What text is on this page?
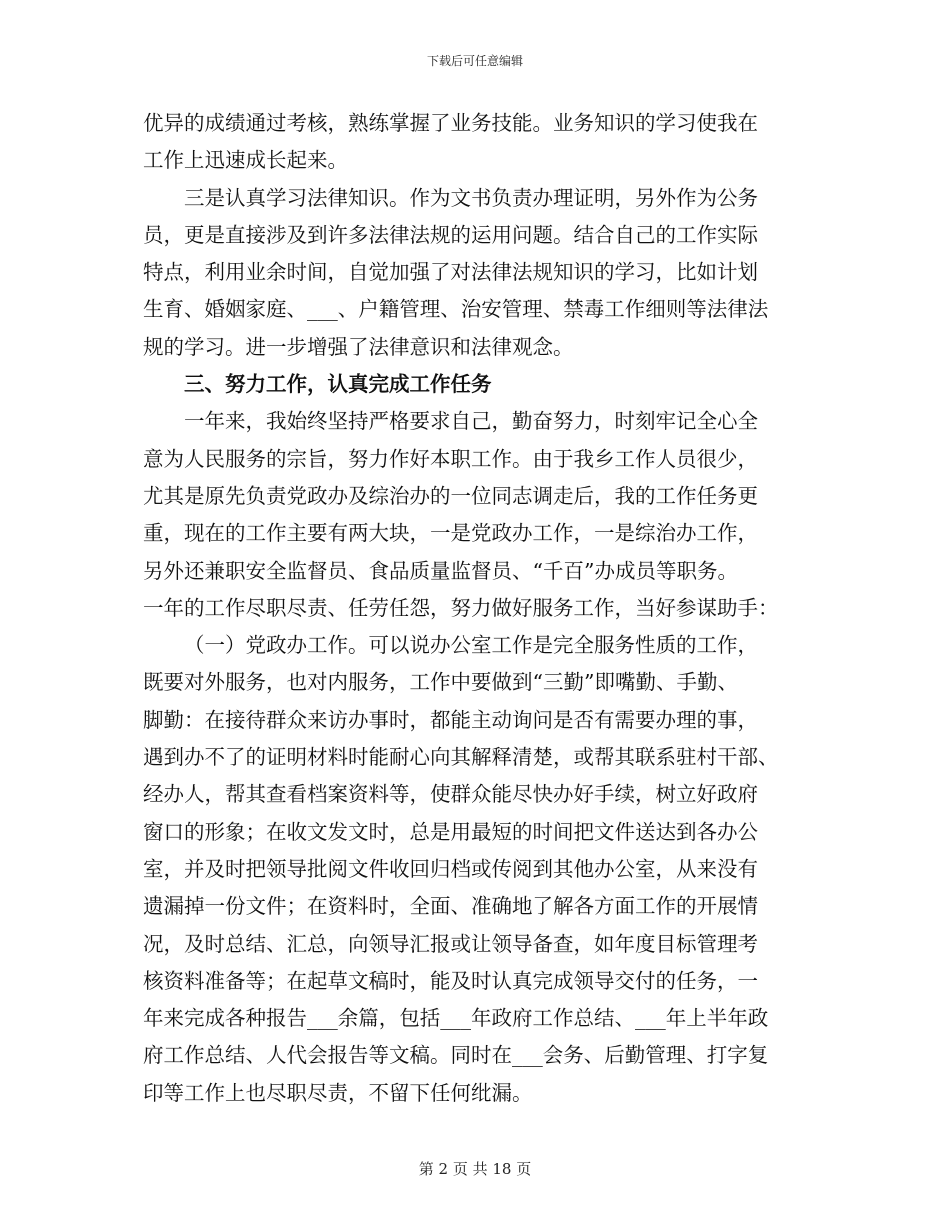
下载后可任意编辑
优异的成绩通过考核，熟练掌握了业务技能。业务知识的学习使我在
工作上迅速成长起来。
三是认真学习法律知识。作为文书负责办理证明，另外作为公务
员，更是直接涉及到许多法律法规的运用问题。结合自己的工作实际
特点，利用业余时间，自觉加强了对法律法规知识的学习，比如计划
生育、婚姻家庭、___、户籍管理、治安管理、禁毒工作细则等法律法
规的学习。进一步增强了法律意识和法律观念。
三、努力工作，认真完成工作任务
一年来，我始终坚持严格要求自己，勤奋努力，时刻牢记全心全
意为人民服务的宗旨，努力作好本职工作。由于我乡工作人员很少，
尤其是原先负责党政办及综治办的一位同志调走后，我的工作任务更
重，现在的工作主要有两大块，一是党政办工作，一是综治办工作，
另外还兼职安全监督员、食品质量监督员、“千百”办成员等职务。
一年的工作尽职尽责、任劳任怨，努力做好服务工作，当好参谋助手：
（一）党政办工作。可以说办公室工作是完全服务性质的工作，
既要对外服务，也对内服务，工作中要做到“三勤”即嘴勤、手勤、
脚勤：在接待群众来访办事时，都能主动询问是否有需要办理的事，
遇到办不了的证明材料时能耐心向其解释清楚，或帮其联系驻村干部、
经办人，帮其查看档案资料等，使群众能尽快办好手续，树立好政府
窗口的形象；在收文发文时，总是用最短的时间把文件送达到各办公
室，并及时把领导批阅文件收回归档或传阅到其他办公室，从来没有
遗漏掉一份文件；在资料时，全面、准确地了解各方面工作的开展情
况，及时总结、汇总，向领导汇报或让领导备查，如年度目标管理考
核资料准备等；在起草文稿时，能及时认真完成领导交付的任务，一
年来完成各种报告___余篇，包括___年政府工作总结、___年上半年政
府工作总结、人代会报告等文稿。同时在___会务、后勤管理、打字复
印等工作上也尽职尽责，不留下任何纰漏。
第 2 页 共 18 页
